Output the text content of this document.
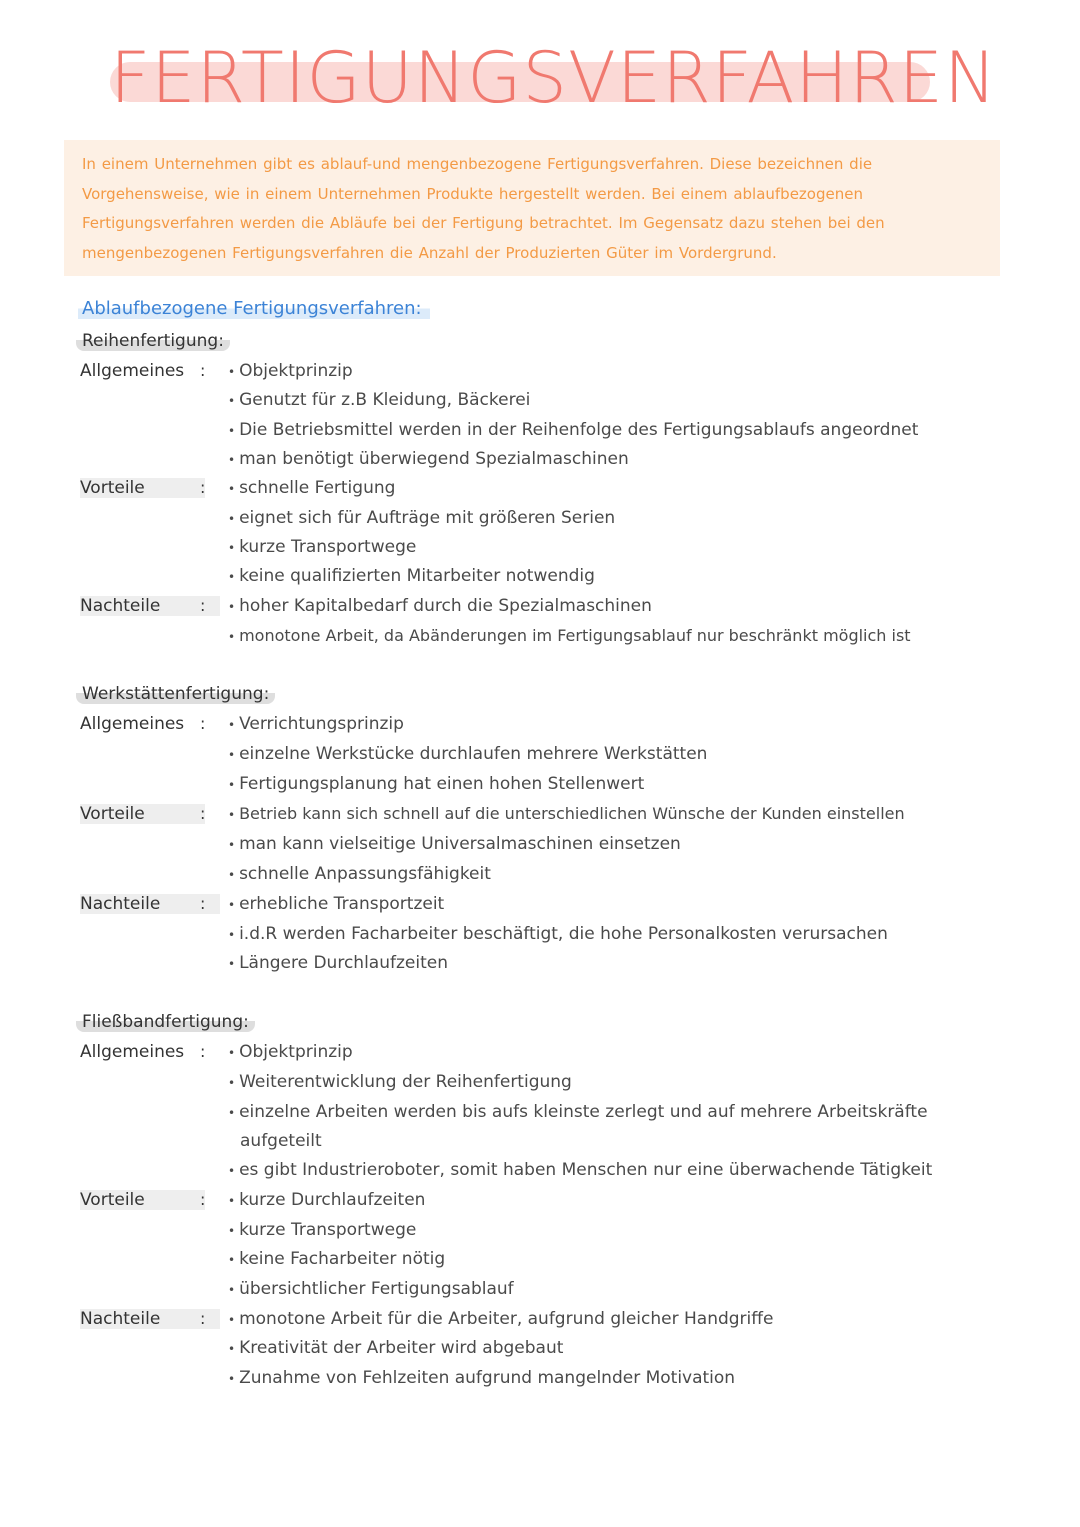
FERTIGUNGSVERFAHREN

In einem Unternehmen gibt es ablauf-und mengenbezogene Fertigungsverfahren. Diese bezeichnen die Vorgehensweise, wie in einem Unternehmen Produkte hergestellt werden. Bei einem ablaufbezogenen Fertigungsverfahren werden die Abläufe bei der Fertigung betrachtet. Im Gegensatz dazu stehen bei den mengenbezogenen Fertigungsverfahren die Anzahl der Produzierten Güter im Vordergrund.

Ablaufbezogene Fertigungsverfahren:
Reihenfertigung:
Allgemeines :	• Objektprinzip
• Genutzt für z.B Kleidung, Bäckerei
• Die Betriebsmittel werden in der Reihenfolge des Fertigungsablaufs angeordnet
• man benötigt überwiegend Spezialmaschinen
Vorteile	:	• schnelle Fertigung
• eignet sich für Aufträge mit größeren Serien
• kurze Transportwege
• keine qualifizierten Mitarbeiter notwendig
Nachteile	:	• hoher Kapitalbedarf durch die Spezialmaschinen
• monotone Arbeit, da Abänderungen im Fertigungsablauf nur beschränkt möglich ist
Werkstättenfertigung:
Allgemeines :	• Verrichtungsprinzip
• einzelne Werkstücke durchlaufen mehrere Werkstätten
• Fertigungsplanung hat einen hohen Stellenwert
Vorteile	:	• Betrieb kann sich schnell auf die unterschiedlichen Wünsche der Kunden einstellen
• man kann vielseitige Universalmaschinen einsetzen
• schnelle Anpassungsfähigkeit
Nachteile	:	• erhebliche Transportzeit
• i.d.R werden Facharbeiter beschäftigt, die hohe Personalkosten verursachen
• Längere Durchlaufzeiten
Fließbandfertigung:
Allgemeines :	• Objektprinzip
• Weiterentwicklung der Reihenfertigung
• einzelne Arbeiten werden bis aufs kleinste zerlegt und auf mehrere Arbeitskräfte
aufgeteilt
• es gibt Industrieroboter, somit haben Menschen nur eine überwachende Tätigkeit
Vorteile	:	• kurze Durchlaufzeiten
• kurze Transportwege
• keine Facharbeiter nötig
• übersichtlicher Fertigungsablauf
Nachteile	:	• monotone Arbeit für die Arbeiter, aufgrund gleicher Handgriffe
• Kreativität der Arbeiter wird abgebaut
• Zunahme von Fehlzeiten aufgrund mangelnder Motivation
